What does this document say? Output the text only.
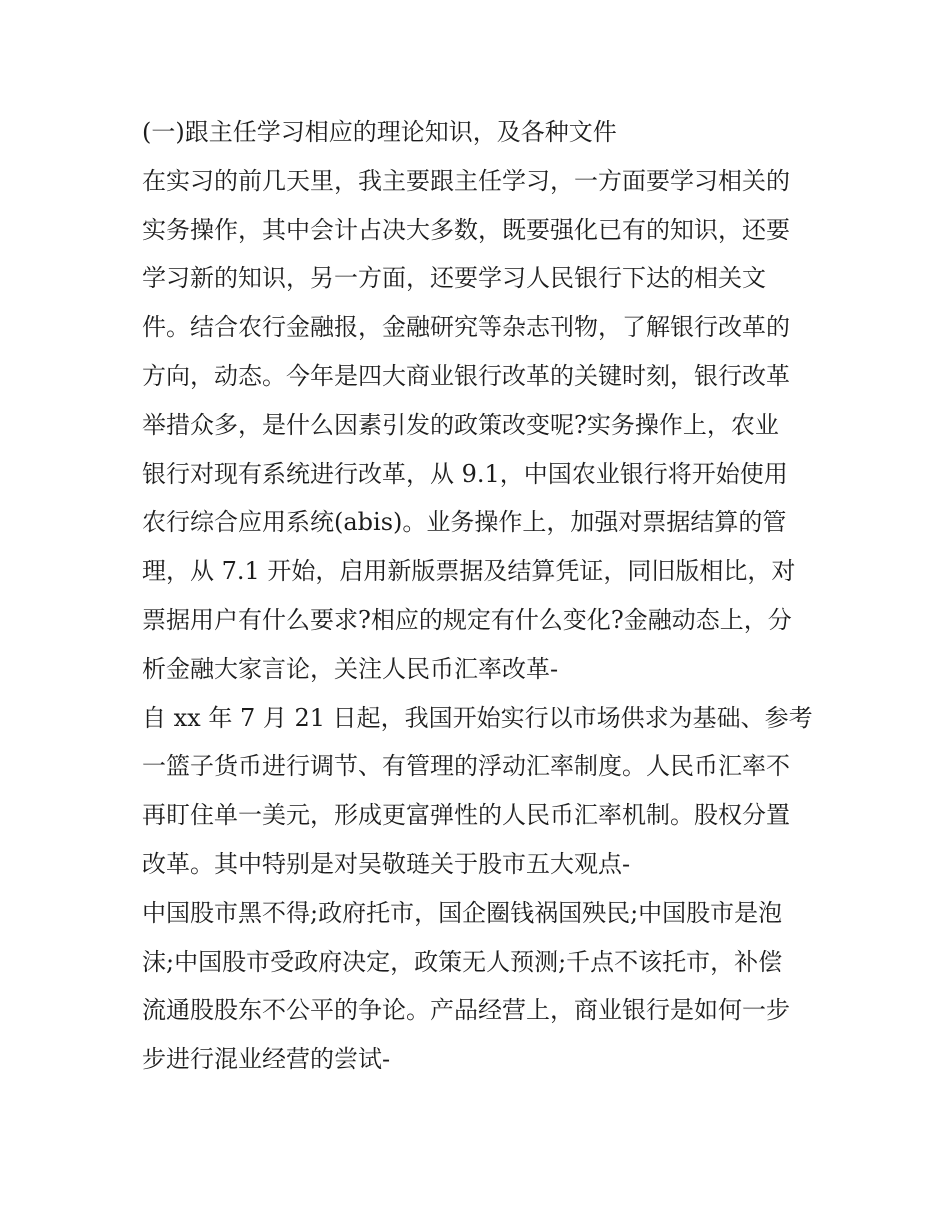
(一)跟主任学习相应的理论知识，及各种文件
在实习的前几天里，我主要跟主任学习，一方面要学习相关的
实务操作，其中会计占决大多数，既要强化已有的知识，还要
学习新的知识，另一方面，还要学习人民银行下达的相关文
件。结合农行金融报，金融研究等杂志刊物，了解银行改革的
方向，动态。今年是四大商业银行改革的关键时刻，银行改革
举措众多，是什么因素引发的政策改变呢?实务操作上，农业
银行对现有系统进行改革，从 9.1，中国农业银行将开始使用
农行综合应用系统(abis)。业务操作上，加强对票据结算的管
理，从 7.1 开始，启用新版票据及结算凭证，同旧版相比，对
票据用户有什么要求?相应的规定有什么变化?金融动态上，分
析金融大家言论，关注人民币汇率改革-
自 xx 年 7 月 21 日起，我国开始实行以市场供求为基础、参考
一篮子货币进行调节、有管理的浮动汇率制度。人民币汇率不
再盯住单一美元，形成更富弹性的人民币汇率机制。股权分置
改革。其中特别是对吴敬琏关于股市五大观点-
中国股市黑不得;政府托市，国企圈钱祸国殃民;中国股市是泡
沫;中国股市受政府决定，政策无人预测;千点不该托市，补偿
流通股股东不公平的争论。产品经营上，商业银行是如何一步
步进行混业经营的尝试-
